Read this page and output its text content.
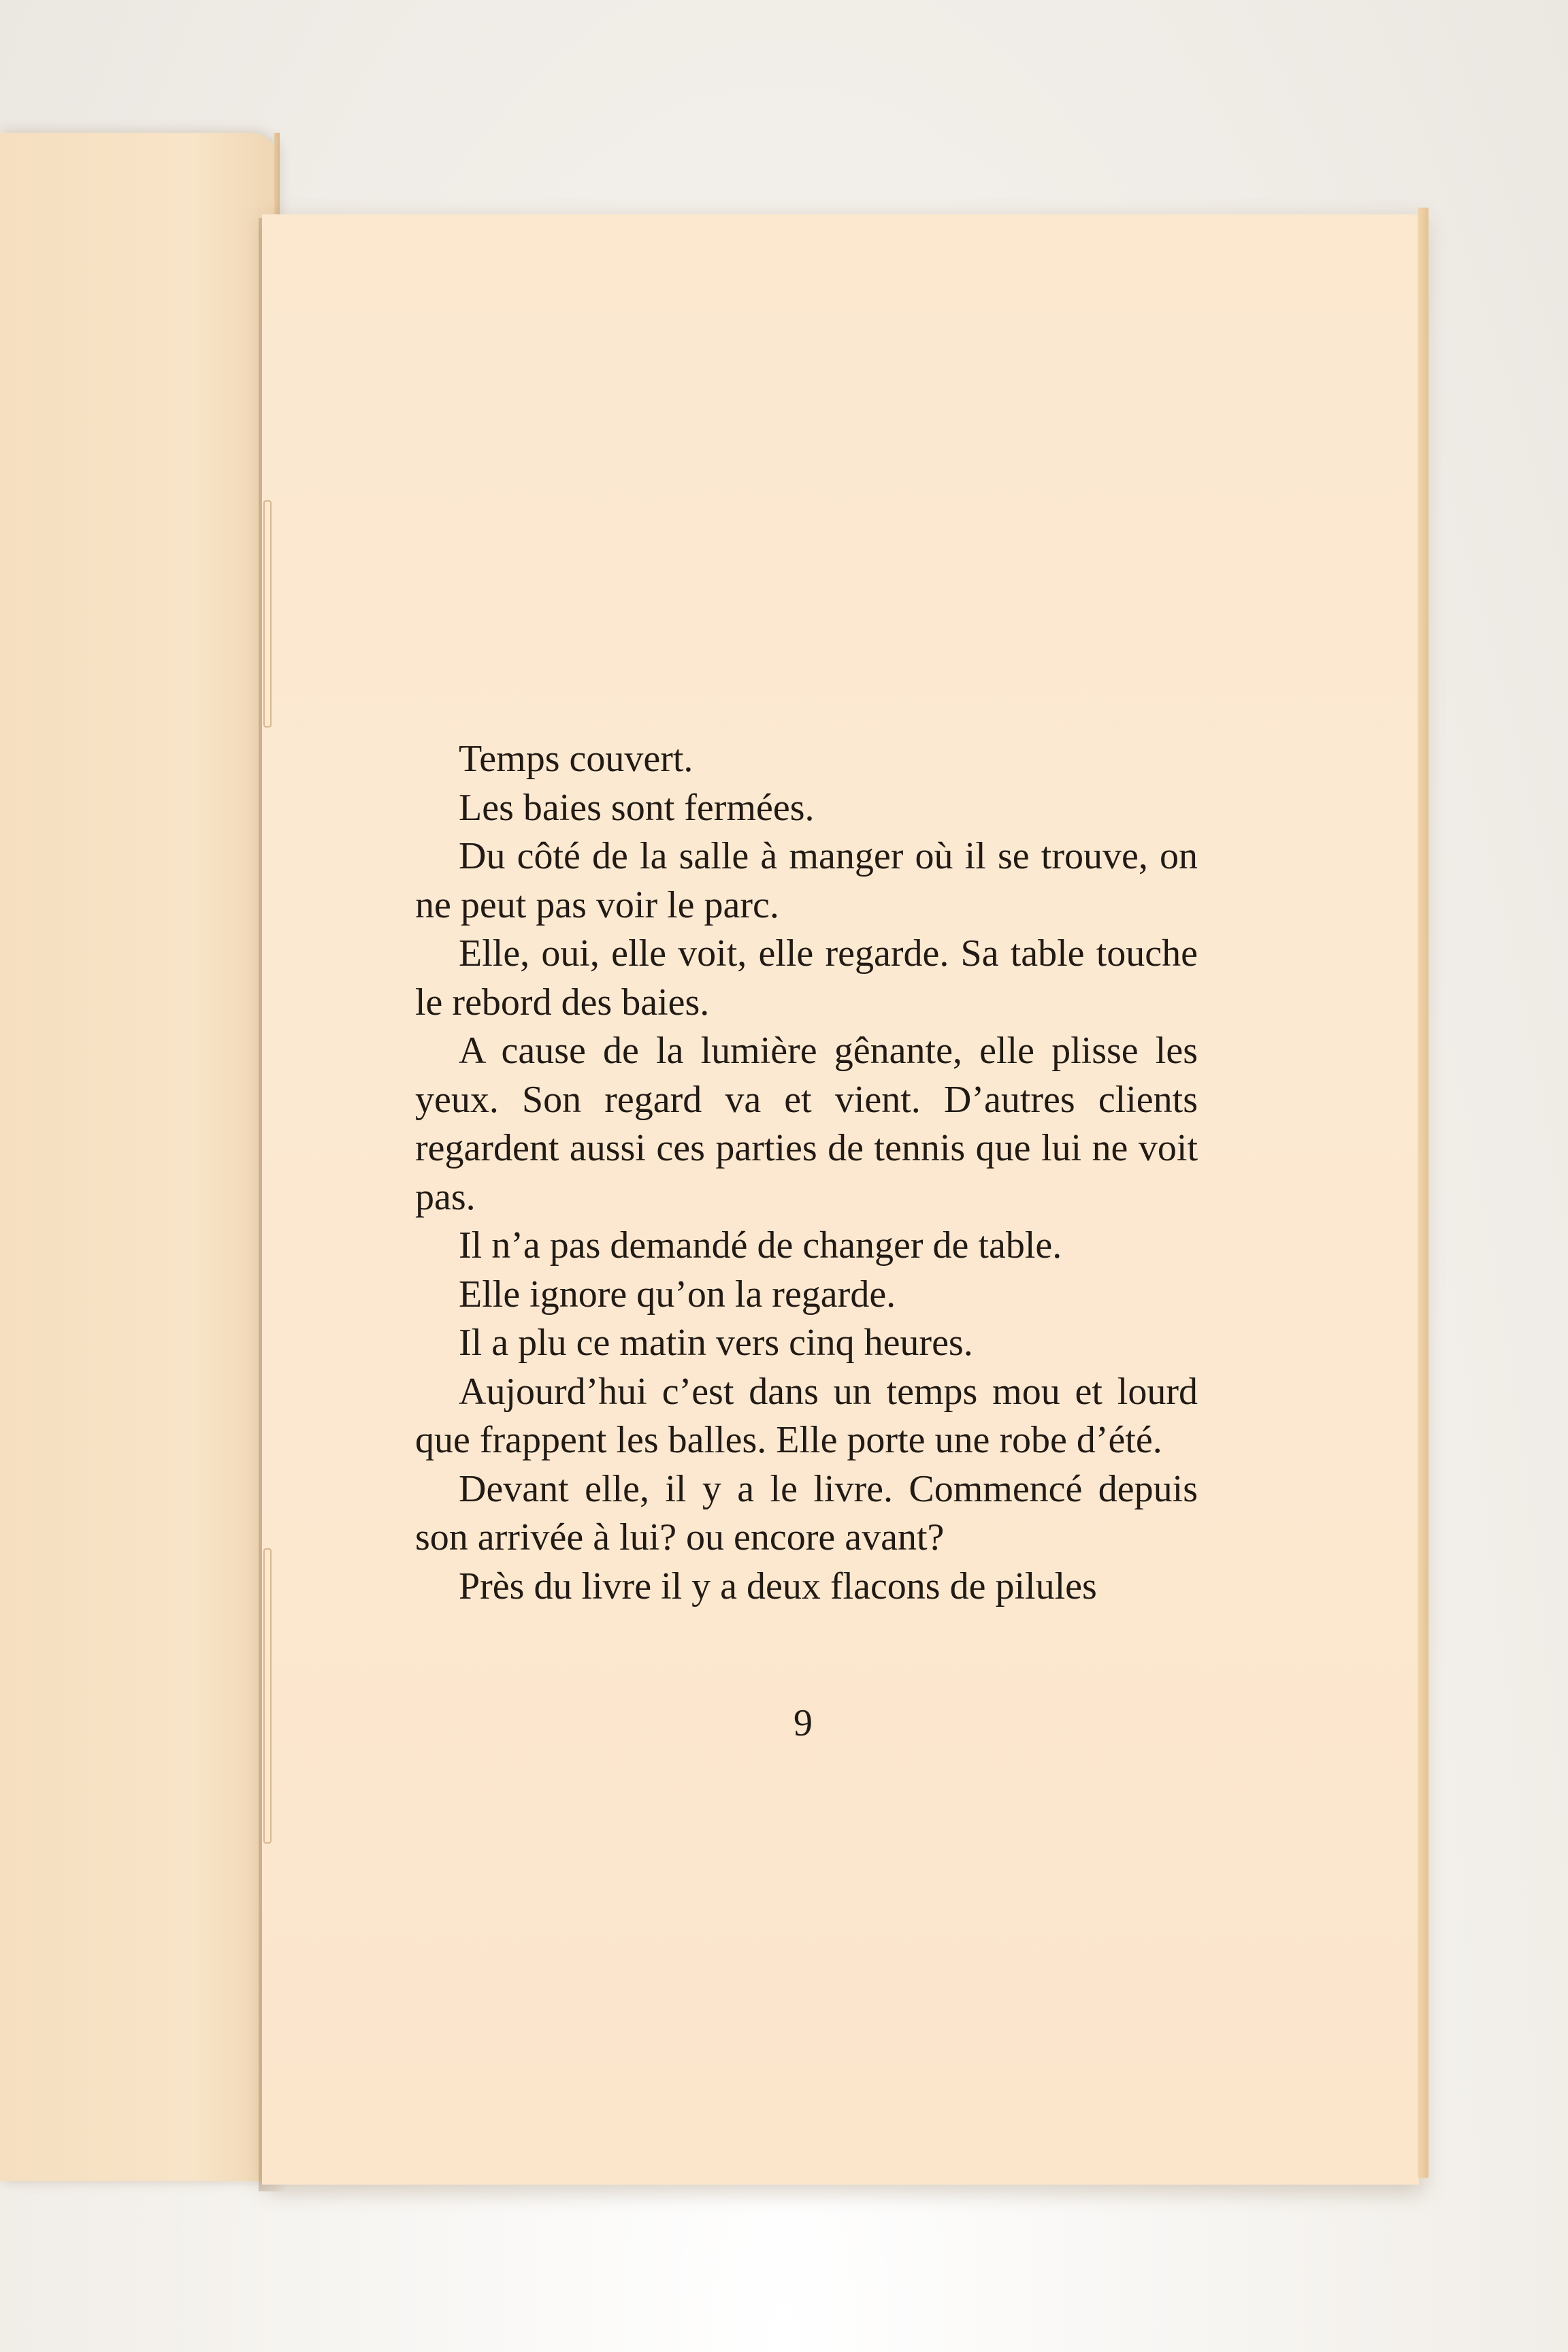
Temps couvert.

Les baies sont fermées.

Du côté de la salle à manger où il se trouve, on ne peut pas voir le parc.

Elle, oui, elle voit, elle regarde. Sa table touche le rebord des baies.

A cause de la lumière gênante, elle plisse les yeux. Son regard va et vient. D’autres clients regardent aussi ces parties de tennis que lui ne voit pas.

Il n’a pas demandé de changer de table.

Elle ignore qu’on la regarde.

Il a plu ce matin vers cinq heures.

Aujourd’hui c’est dans un temps mou et lourd que frappent les balles. Elle porte une robe d’été.

Devant elle, il y a le livre. Commencé depuis son arrivée à lui? ou encore avant?

Près du livre il y a deux flacons de pilules

9
